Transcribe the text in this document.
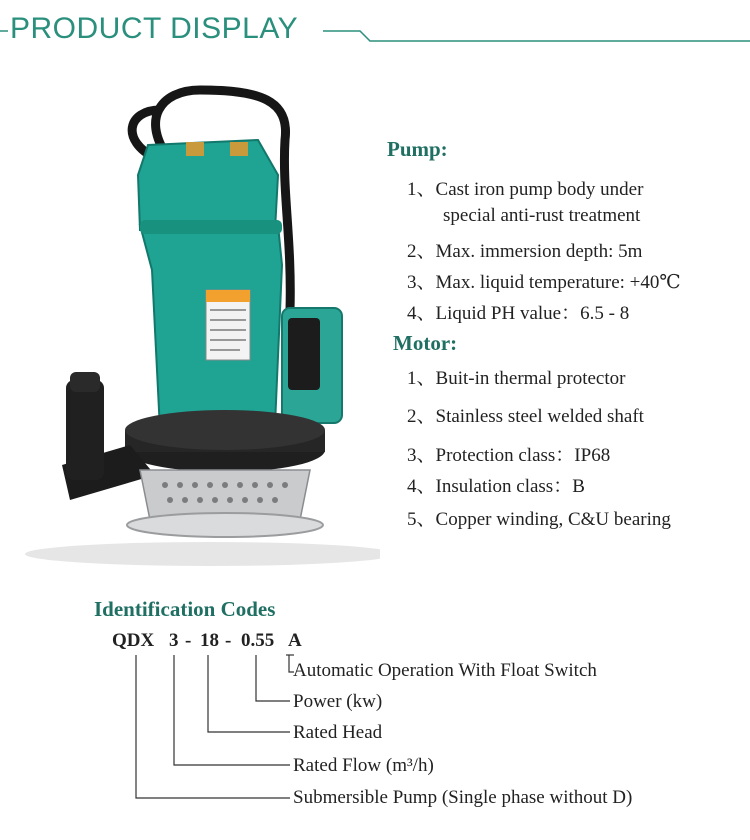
PRODUCT DISPLAY
Pump:
1、Cast iron pump body under
special anti-rust treatment
2、Max. immersion depth: 5m
3、Max. liquid temperature: +40℃
4、Liquid PH value：6.5 - 8
Motor:
1、Buit-in thermal protector
2、Stainless steel welded shaft
3、Protection class：IP68
4、Insulation class：B
5、Copper winding, C&U bearing
Identification Codes
QDX 3 - 18 - 0.55 A
Automatic Operation With Float Switch
Power (kw)
Rated Head
Rated Flow (m³/h)
Submersible Pump (Single phase without D)
